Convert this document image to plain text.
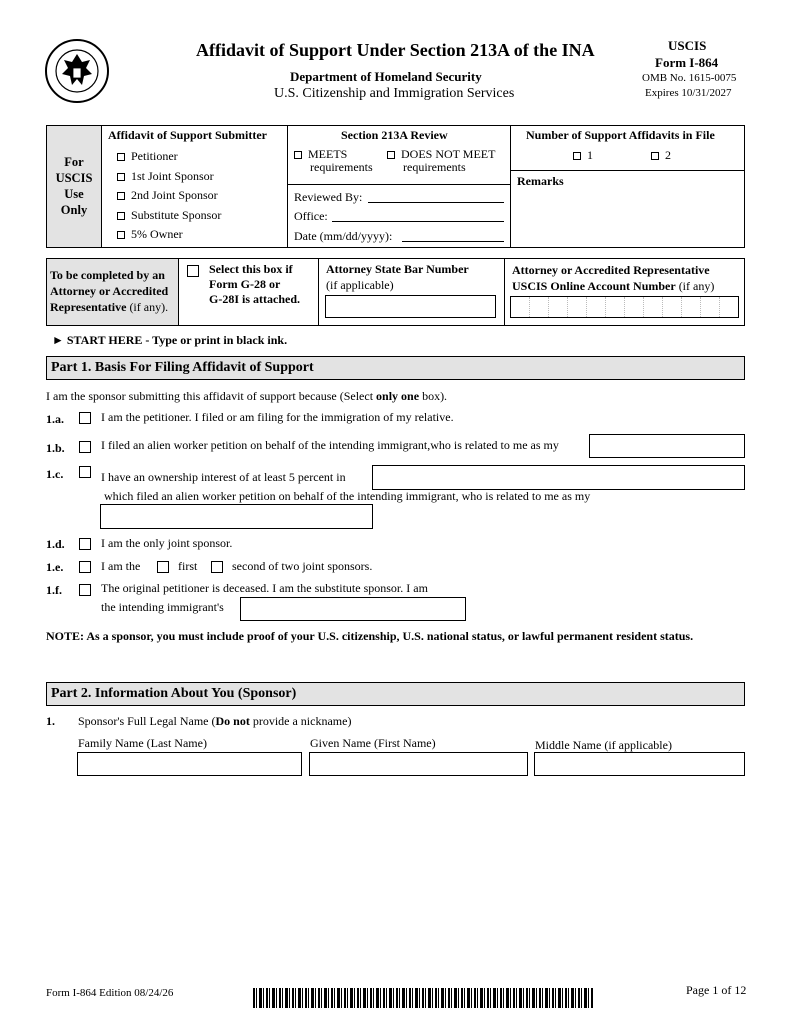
Affidavit of Support Under Section 213A of the INA
Department of Homeland Security
U.S. Citizenship and Immigration Services
USCIS
Form I-864
OMB No. 1615-0075
Expires 10/31/2027
For
USCIS
Use
Only
Affidavit of Support Submitter
Petitioner
1st Joint Sponsor
2nd Joint Sponsor
Substitute Sponsor
5% Owner
Section 213A Review
MEETS
requirements
DOES NOT MEET
requirements
Reviewed By:
Office:
Date (mm/dd/yyyy):
Number of Support Affidavits in File
1	2
Remarks
To be completed by an
Attorney or Accredited
Representative (if any).
Select this box if
Form G-28 or
G-28I is attached.
Attorney State Bar Number
(if applicable)
Attorney or Accredited Representative
USCIS Online Account Number (if any)
► START HERE - Type or print in black ink.
Part 1. Basis For Filing Affidavit of Support
I am the sponsor submitting this affidavit of support because (Select only one box).
1.a.	I am the petitioner. I filed or am filing for the immigration of my relative.
1.b.	I filed an alien worker petition on behalf of the intending immigrant,who is related to me as my
1.c.	I have an ownership interest of at least 5 percent in
which filed an alien worker petition on behalf of the intending immigrant, who is related to me as my
1.d.	I am the only joint sponsor.
1.e.	I am the	first	second of two joint sponsors.
1.f.	The original petitioner is deceased. I am the substitute sponsor. I am
the intending immigrant's
NOTE: As a sponsor, you must include proof of your U.S. citizenship, U.S. national status, or lawful permanent resident status.
Part 2. Information About You (Sponsor)
1. Sponsor's Full Legal Name (Do not provide a nickname)
Family Name (Last Name)	Given Name (First Name)	Middle Name (if applicable)
Form I-864 Edition 08/24/26	Page 1 of 12
